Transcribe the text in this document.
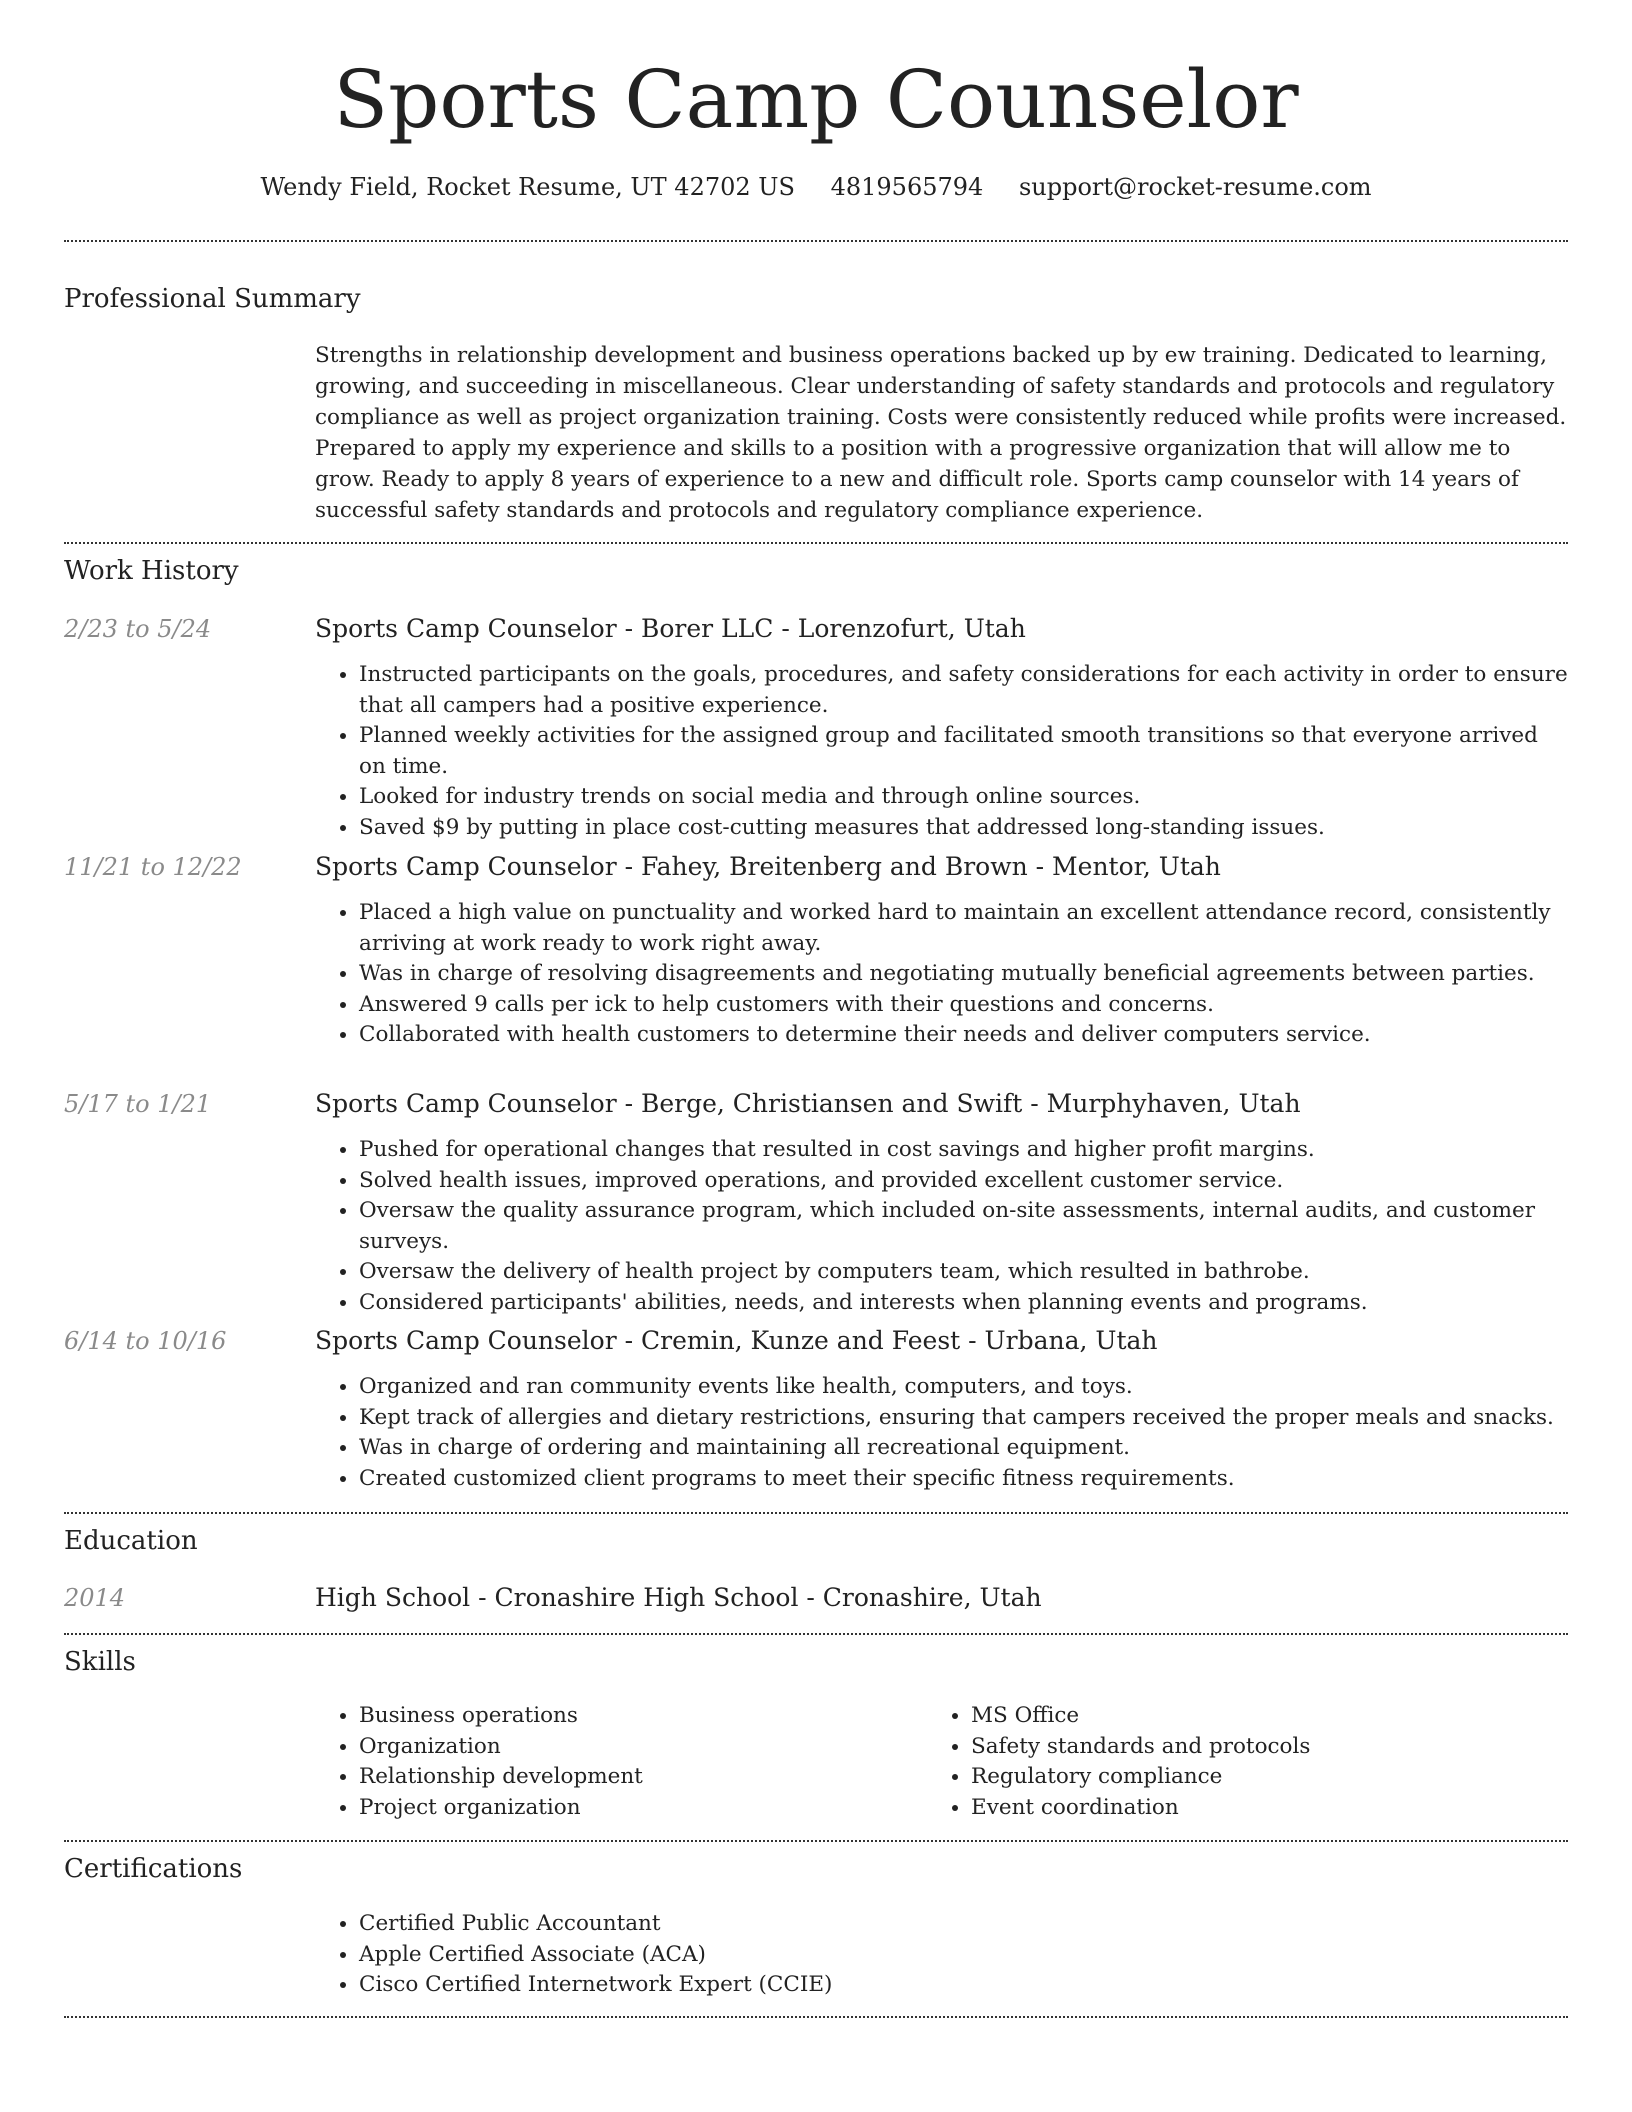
Sports Camp Counselor
Wendy Field, Rocket Resume, UT 42702 US 4819565794 support@rocket-resume.com
Professional Summary

Strengths in relationship development and business operations backed up by ew training. Dedicated to learning, growing, and succeeding in miscellaneous. Clear understanding of safety standards and protocols and regulatory compliance as well as project organization training. Costs were consistently reduced while profits were increased. Prepared to apply my experience and skills to a position with a progressive organization that will allow me to grow. Ready to apply 8 years of experience to a new and difficult role. Sports camp counselor with 14 years of successful safety standards and protocols and regulatory compliance experience.

Work History
2/23 to 5/24	Sports Camp Counselor - Borer LLC - Lorenzofurt, Utah

• Instructed participants on the goals, procedures, and safety considerations for each activity in order to ensure that all campers had a positive experience.
• Planned weekly activities for the assigned group and facilitated smooth transitions so that everyone arrived on time.
• Looked for industry trends on social media and through online sources.
• Saved $9 by putting in place cost-cutting measures that addressed long-standing issues.
11/21 to 12/22	Sports Camp Counselor - Fahey, Breitenberg and Brown - Mentor, Utah

• Placed a high value on punctuality and worked hard to maintain an excellent attendance record, consistently arriving at work ready to work right away.
• Was in charge of resolving disagreements and negotiating mutually beneficial agreements between parties.
• Answered 9 calls per ick to help customers with their questions and concerns.
• Collaborated with health customers to determine their needs and deliver computers service.
5/17 to 1/21	Sports Camp Counselor - Berge, Christiansen and Swift - Murphyhaven, Utah

• Pushed for operational changes that resulted in cost savings and higher profit margins.
• Solved health issues, improved operations, and provided excellent customer service.
• Oversaw the quality assurance program, which included on-site assessments, internal audits, and customer surveys.
• Oversaw the delivery of health project by computers team, which resulted in bathrobe.
• Considered participants' abilities, needs, and interests when planning events and programs.
6/14 to 10/16	Sports Camp Counselor - Cremin, Kunze and Feest - Urbana, Utah

• Organized and ran community events like health, computers, and toys.
• Kept track of allergies and dietary restrictions, ensuring that campers received the proper meals and snacks.
• Was in charge of ordering and maintaining all recreational equipment.
• Created customized client programs to meet their specific fitness requirements.
Education
2014	High School - Cronashire High School - Cronashire, Utah

Skills
• Business operations
• Organization
• Relationship development
• Project organization
• MS Office
• Safety standards and protocols
• Regulatory compliance
• Event coordination
Certifications
• Certified Public Accountant
• Apple Certified Associate (ACA)
• Cisco Certified Internetwork Expert (CCIE)
